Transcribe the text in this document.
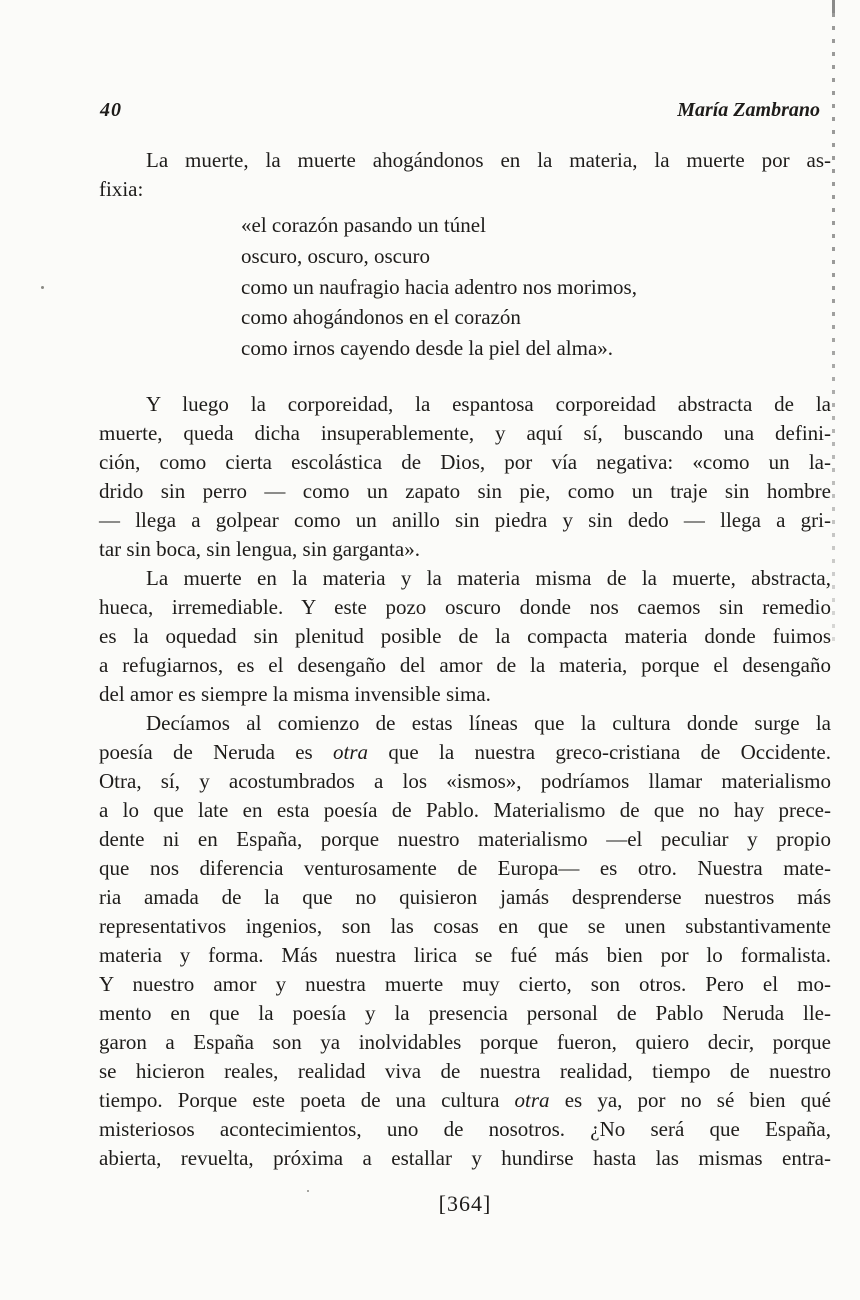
40	María Zambrano
La muerte, la muerte ahogándonos en la materia, la muerte por as-
fixia:
«el corazón pasando un túnel
oscuro, oscuro, oscuro
como un naufragio hacia adentro nos morimos,
como ahogándonos en el corazón
como irnos cayendo desde la piel del alma».
Y luego la corporeidad, la espantosa corporeidad abstracta de la
muerte, queda dicha insuperablemente, y aquí sí, buscando una defini-
ción, como cierta escolástica de Dios, por vía negativa: «como un la-
drido sin perro — como un zapato sin pie, como un traje sin hombre
— llega a golpear como un anillo sin piedra y sin dedo — llega a gri-
tar sin boca, sin lengua, sin garganta».
La muerte en la materia y la materia misma de la muerte, abstracta,
hueca, irremediable. Y este pozo oscuro donde nos caemos sin remedio
es la oquedad sin plenitud posible de la compacta materia donde fuimos
a refugiarnos, es el desengaño del amor de la materia, porque el desengaño
del amor es siempre la misma invensible sima.
Decíamos al comienzo de estas líneas que la cultura donde surge la
poesía de Neruda es otra que la nuestra greco-cristiana de Occidente.
Otra, sí, y acostumbrados a los «ismos», podríamos llamar materialismo
a lo que late en esta poesía de Pablo. Materialismo de que no hay prece-
dente ni en España, porque nuestro materialismo —el peculiar y propio
que nos diferencia venturosamente de Europa— es otro. Nuestra mate-
ria amada de la que no quisieron jamás desprenderse nuestros más
representativos ingenios, son las cosas en que se unen substantivamente
materia y forma. Más nuestra lirica se fué más bien por lo formalista.
Y nuestro amor y nuestra muerte muy cierto, son otros. Pero el mo-
mento en que la poesía y la presencia personal de Pablo Neruda lle-
garon a España son ya inolvidables porque fueron, quiero decir, porque
se hicieron reales, realidad viva de nuestra realidad, tiempo de nuestro
tiempo. Porque este poeta de una cultura otra es ya, por no sé bien qué
misteriosos acontecimientos, uno de nosotros. ¿No será que España,
abierta, revuelta, próxima a estallar y hundirse hasta las mismas entra-
[364]
